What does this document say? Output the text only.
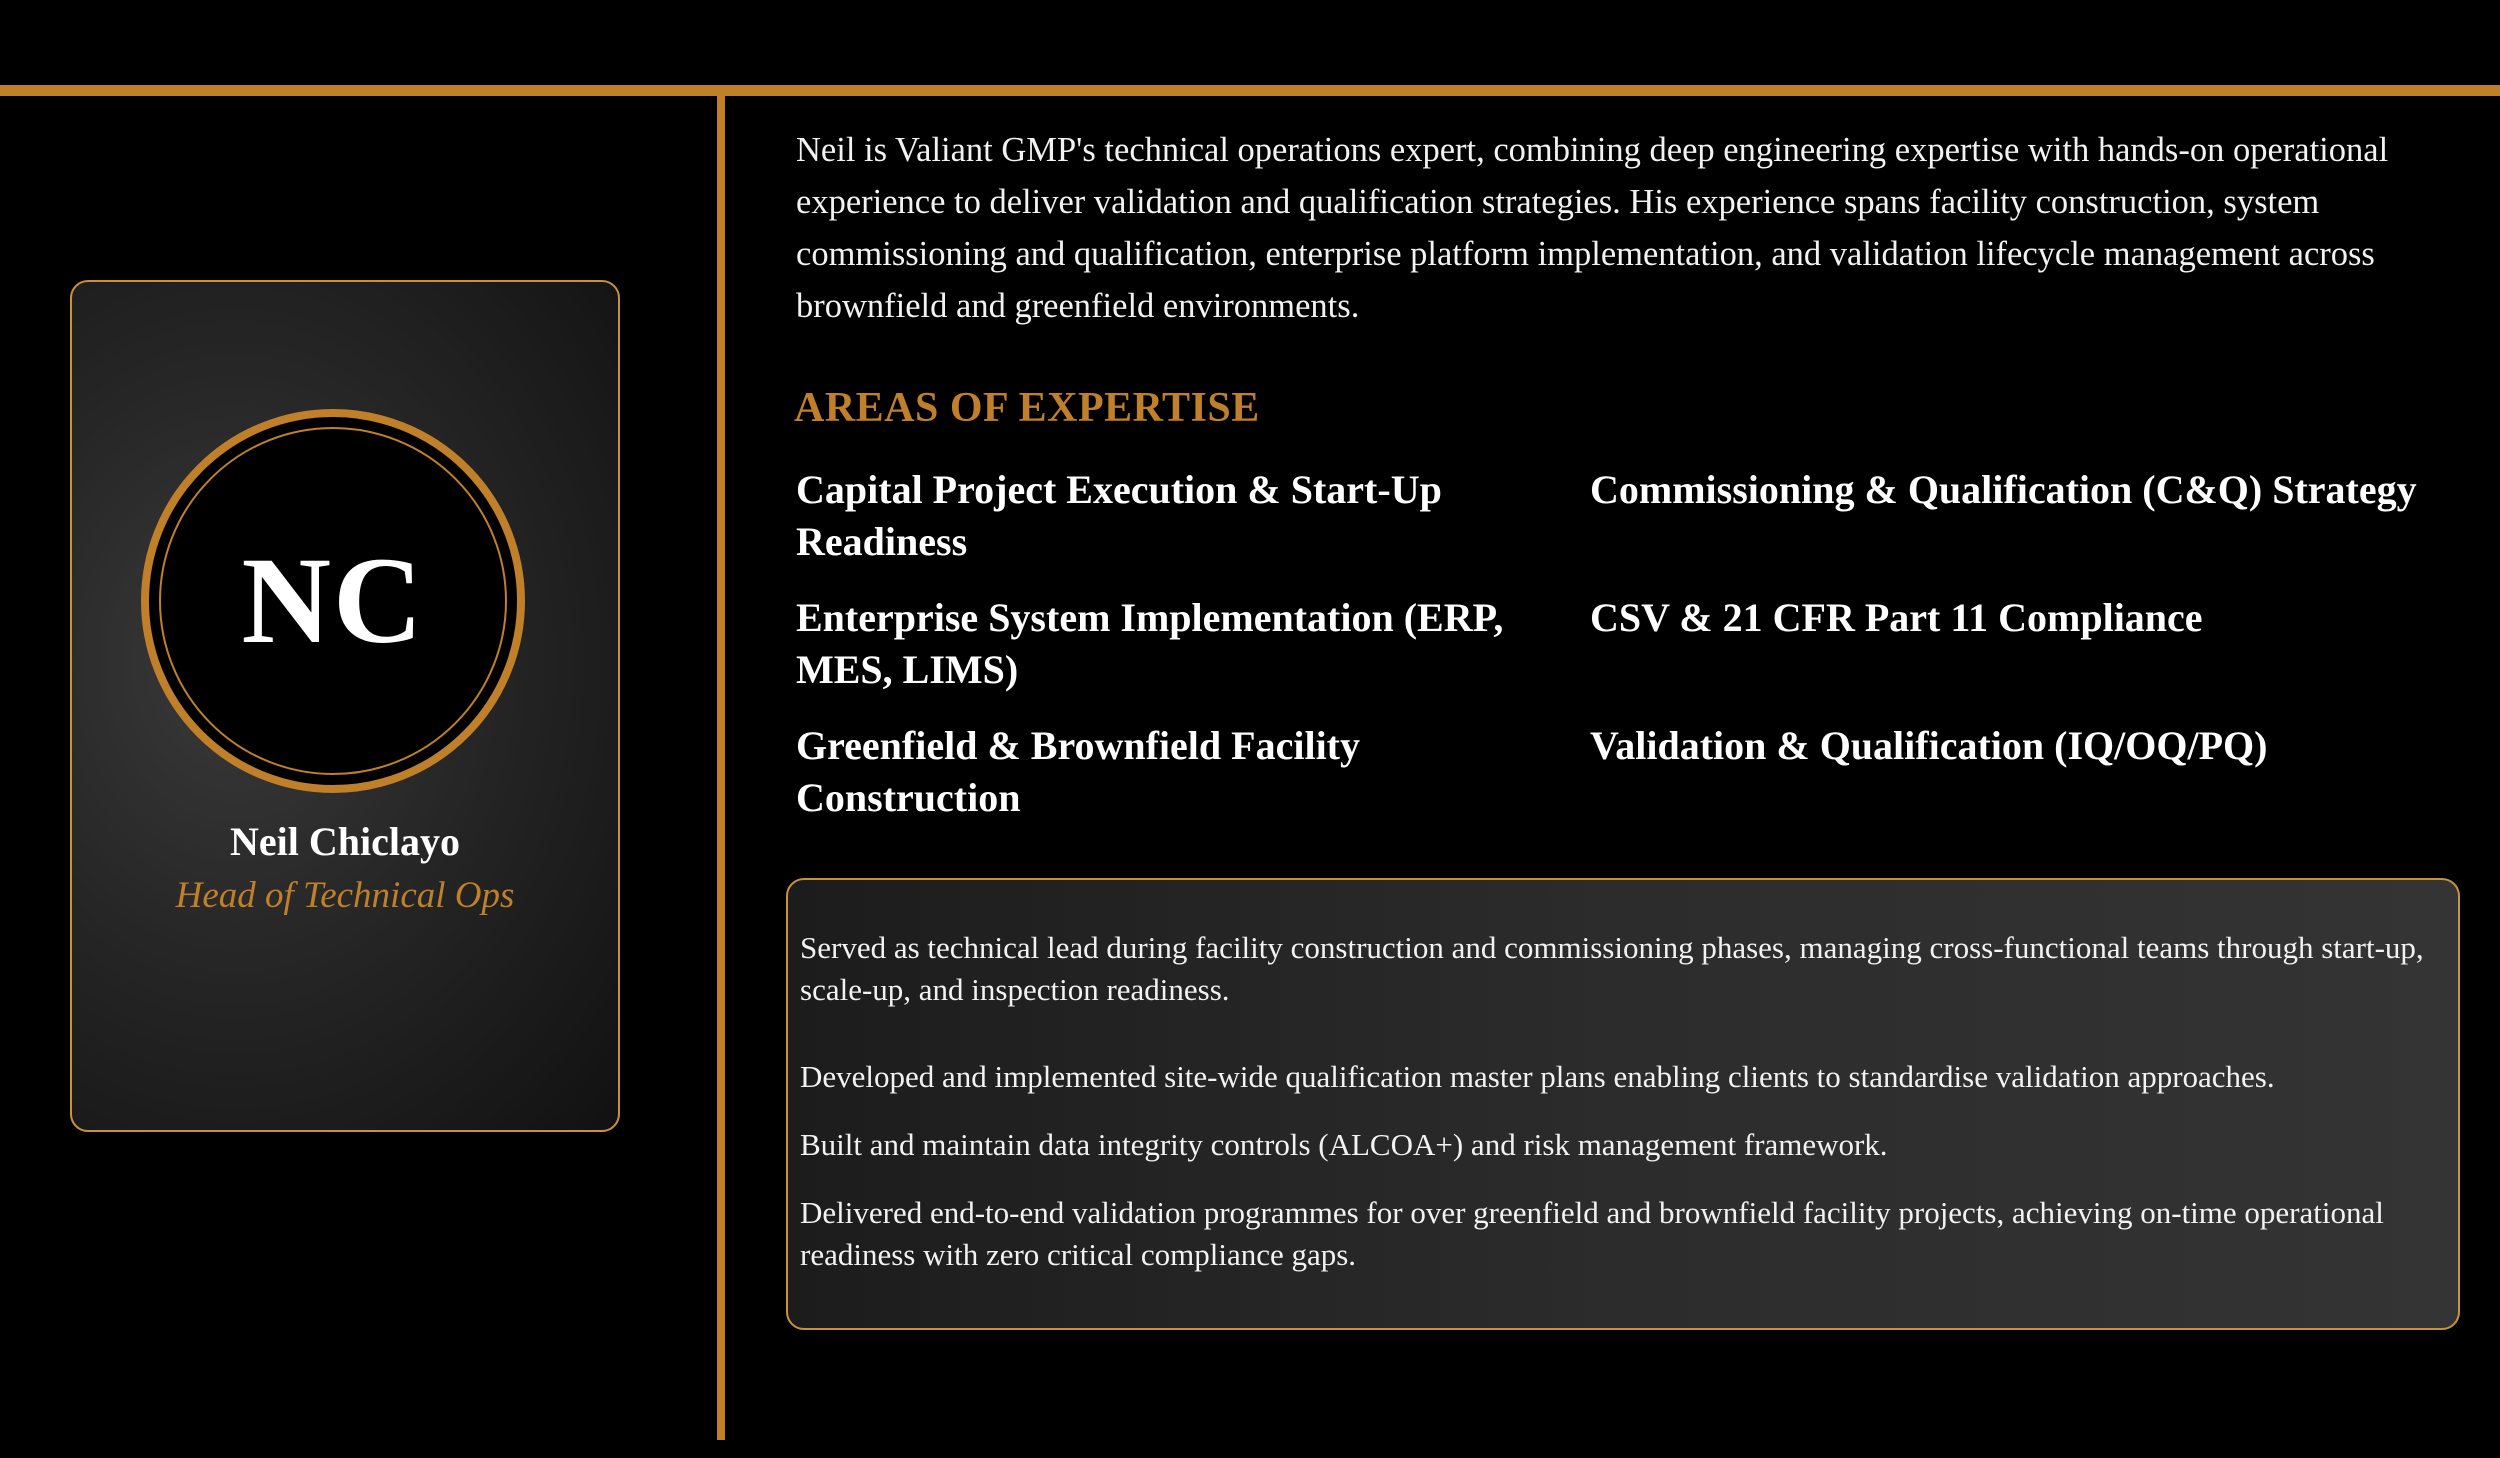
NC
Neil Chiclayo
Head of Technical Ops

Neil is Valiant GMP's technical operations expert, combining deep engineering expertise with hands-on operational experience to deliver validation and qualification strategies. His experience spans facility construction, system commissioning and qualification, enterprise platform implementation, and validation lifecycle management across brownfield and greenfield environments.

AREAS OF EXPERTISE

Capital Project Execution & Start-Up Readiness

Commissioning & Qualification (C&Q) Strategy

Enterprise System Implementation (ERP, MES, LIMS)

CSV & 21 CFR Part 11 Compliance

Greenfield & Brownfield Facility Construction

Validation & Qualification (IQ/OQ/PQ)

Served as technical lead during facility construction and commissioning phases, managing cross-functional teams through start-up, scale-up, and inspection readiness.

Developed and implemented site-wide qualification master plans enabling clients to standardise validation approaches.

Built and maintain data integrity controls (ALCOA+) and risk management framework.

Delivered end-to-end validation programmes for over greenfield and brownfield facility projects, achieving on-time operational readiness with zero critical compliance gaps.
